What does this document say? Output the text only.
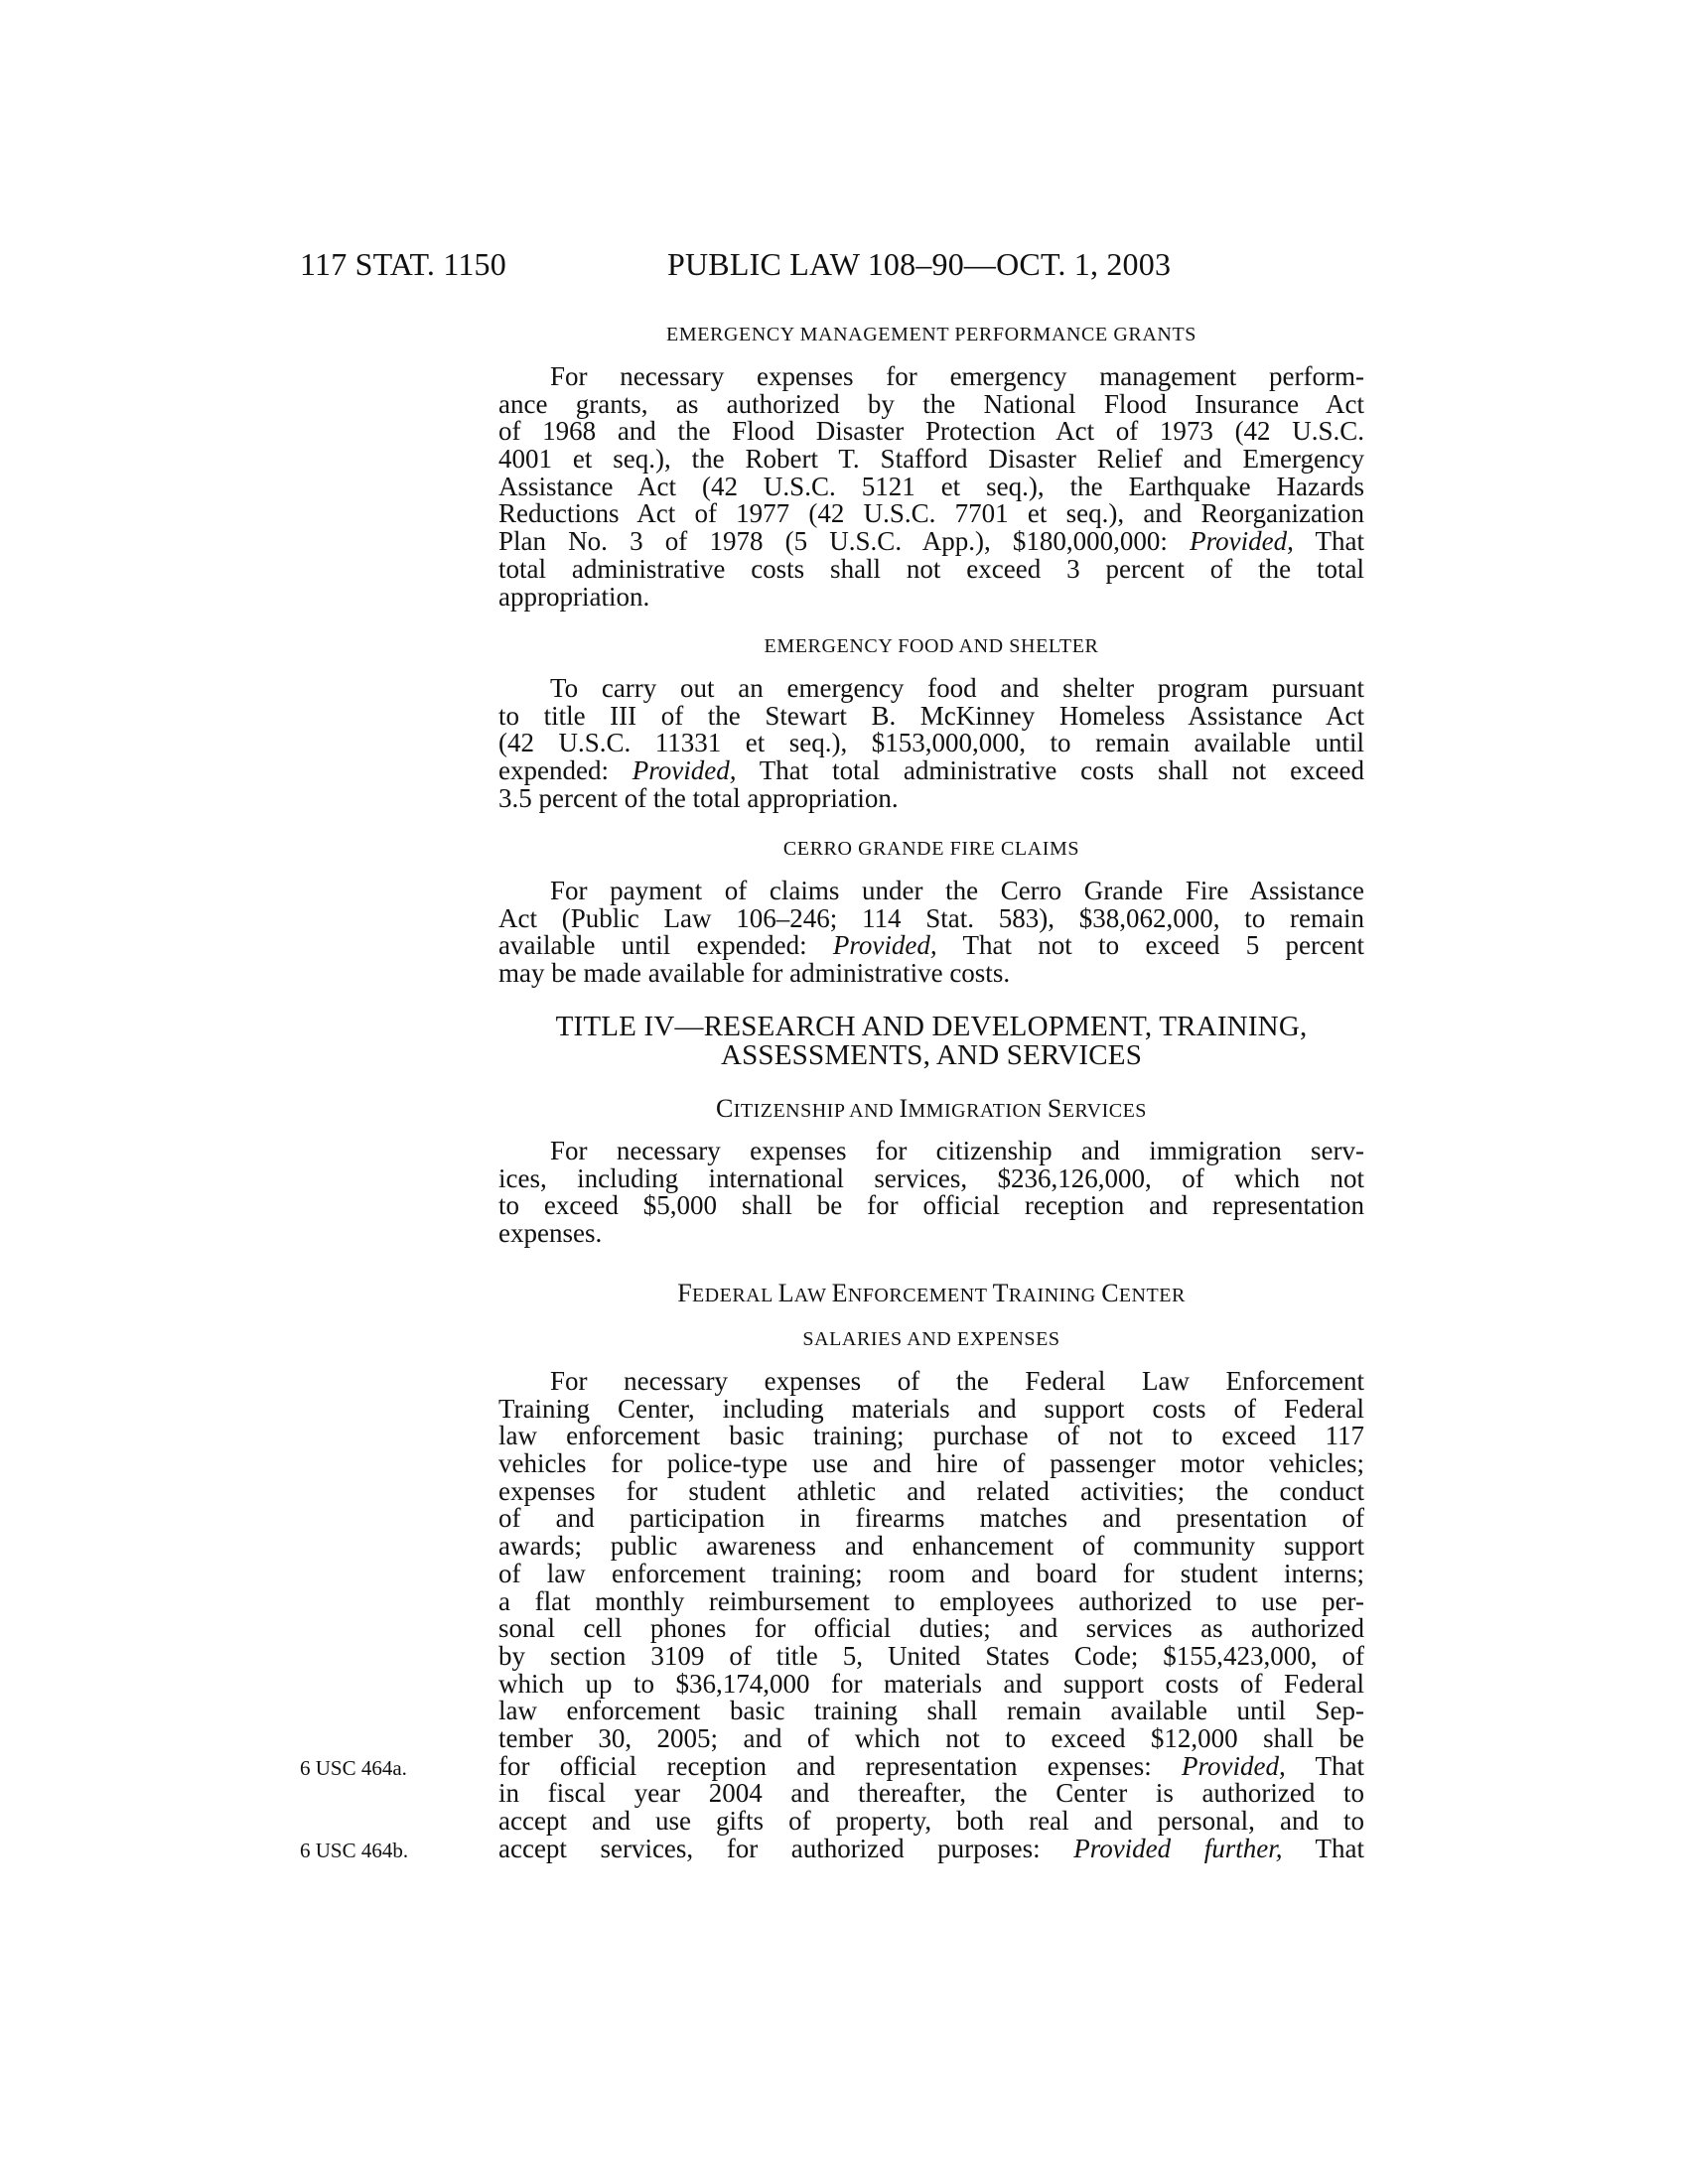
117 STAT. 1150	PUBLIC LAW 108–90—OCT. 1, 2003
EMERGENCY MANAGEMENT PERFORMANCE GRANTS
For necessary expenses for emergency management perform-
ance grants, as authorized by the National Flood Insurance Act
of 1968 and the Flood Disaster Protection Act of 1973 (42 U.S.C.
4001 et seq.), the Robert T. Stafford Disaster Relief and Emergency
Assistance Act (42 U.S.C. 5121 et seq.), the Earthquake Hazards
Reductions Act of 1977 (42 U.S.C. 7701 et seq.), and Reorganization
Plan No. 3 of 1978 (5 U.S.C. App.), $180,000,000: Provided, That
total administrative costs shall not exceed 3 percent of the total
appropriation.
EMERGENCY FOOD AND SHELTER
To carry out an emergency food and shelter program pursuant
to title III of the Stewart B. McKinney Homeless Assistance Act
(42 U.S.C. 11331 et seq.), $153,000,000, to remain available until
expended: Provided, That total administrative costs shall not exceed
3.5 percent of the total appropriation.
CERRO GRANDE FIRE CLAIMS
For payment of claims under the Cerro Grande Fire Assistance
Act (Public Law 106–246; 114 Stat. 583), $38,062,000, to remain
available until expended: Provided, That not to exceed 5 percent
may be made available for administrative costs.
TITLE IV—RESEARCH AND DEVELOPMENT, TRAINING,
ASSESSMENTS, AND SERVICES
CITIZENSHIP AND IMMIGRATION SERVICES
For necessary expenses for citizenship and immigration serv-
ices, including international services, $236,126,000, of which not
to exceed $5,000 shall be for official reception and representation
expenses.
FEDERAL LAW ENFORCEMENT TRAINING CENTER
SALARIES AND EXPENSES
For necessary expenses of the Federal Law Enforcement
Training Center, including materials and support costs of Federal
law enforcement basic training; purchase of not to exceed 117
vehicles for police-type use and hire of passenger motor vehicles;
expenses for student athletic and related activities; the conduct
of and participation in firearms matches and presentation of
awards; public awareness and enhancement of community support
of law enforcement training; room and board for student interns;
a flat monthly reimbursement to employees authorized to use per-
sonal cell phones for official duties; and services as authorized
by section 3109 of title 5, United States Code; $155,423,000, of
which up to $36,174,000 for materials and support costs of Federal
law enforcement basic training shall remain available until Sep-
tember 30, 2005; and of which not to exceed $12,000 shall be
for official reception and representation expenses: Provided, That
in fiscal year 2004 and thereafter, the Center is authorized to
accept and use gifts of property, both real and personal, and to
accept services, for authorized purposes: Provided further, That
6 USC 464a.
6 USC 464b.
